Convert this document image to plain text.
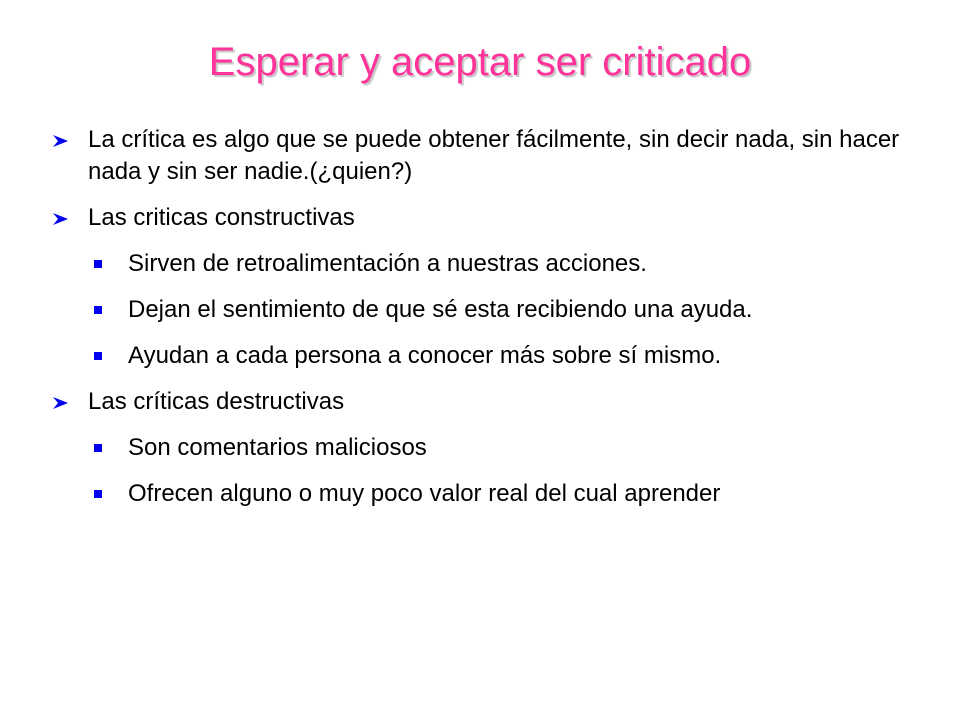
Esperar y aceptar ser criticado
La crítica es algo que se puede obtener fácilmente, sin decir nada, sin hacer nada y sin ser nadie.(¿quien?)
Las criticas constructivas
Sirven de retroalimentación a nuestras acciones.
Dejan el sentimiento de que sé esta recibiendo una ayuda.
Ayudan a cada persona a conocer más sobre sí mismo.
Las críticas destructivas
Son comentarios maliciosos
Ofrecen alguno o muy poco valor real del cual aprender
